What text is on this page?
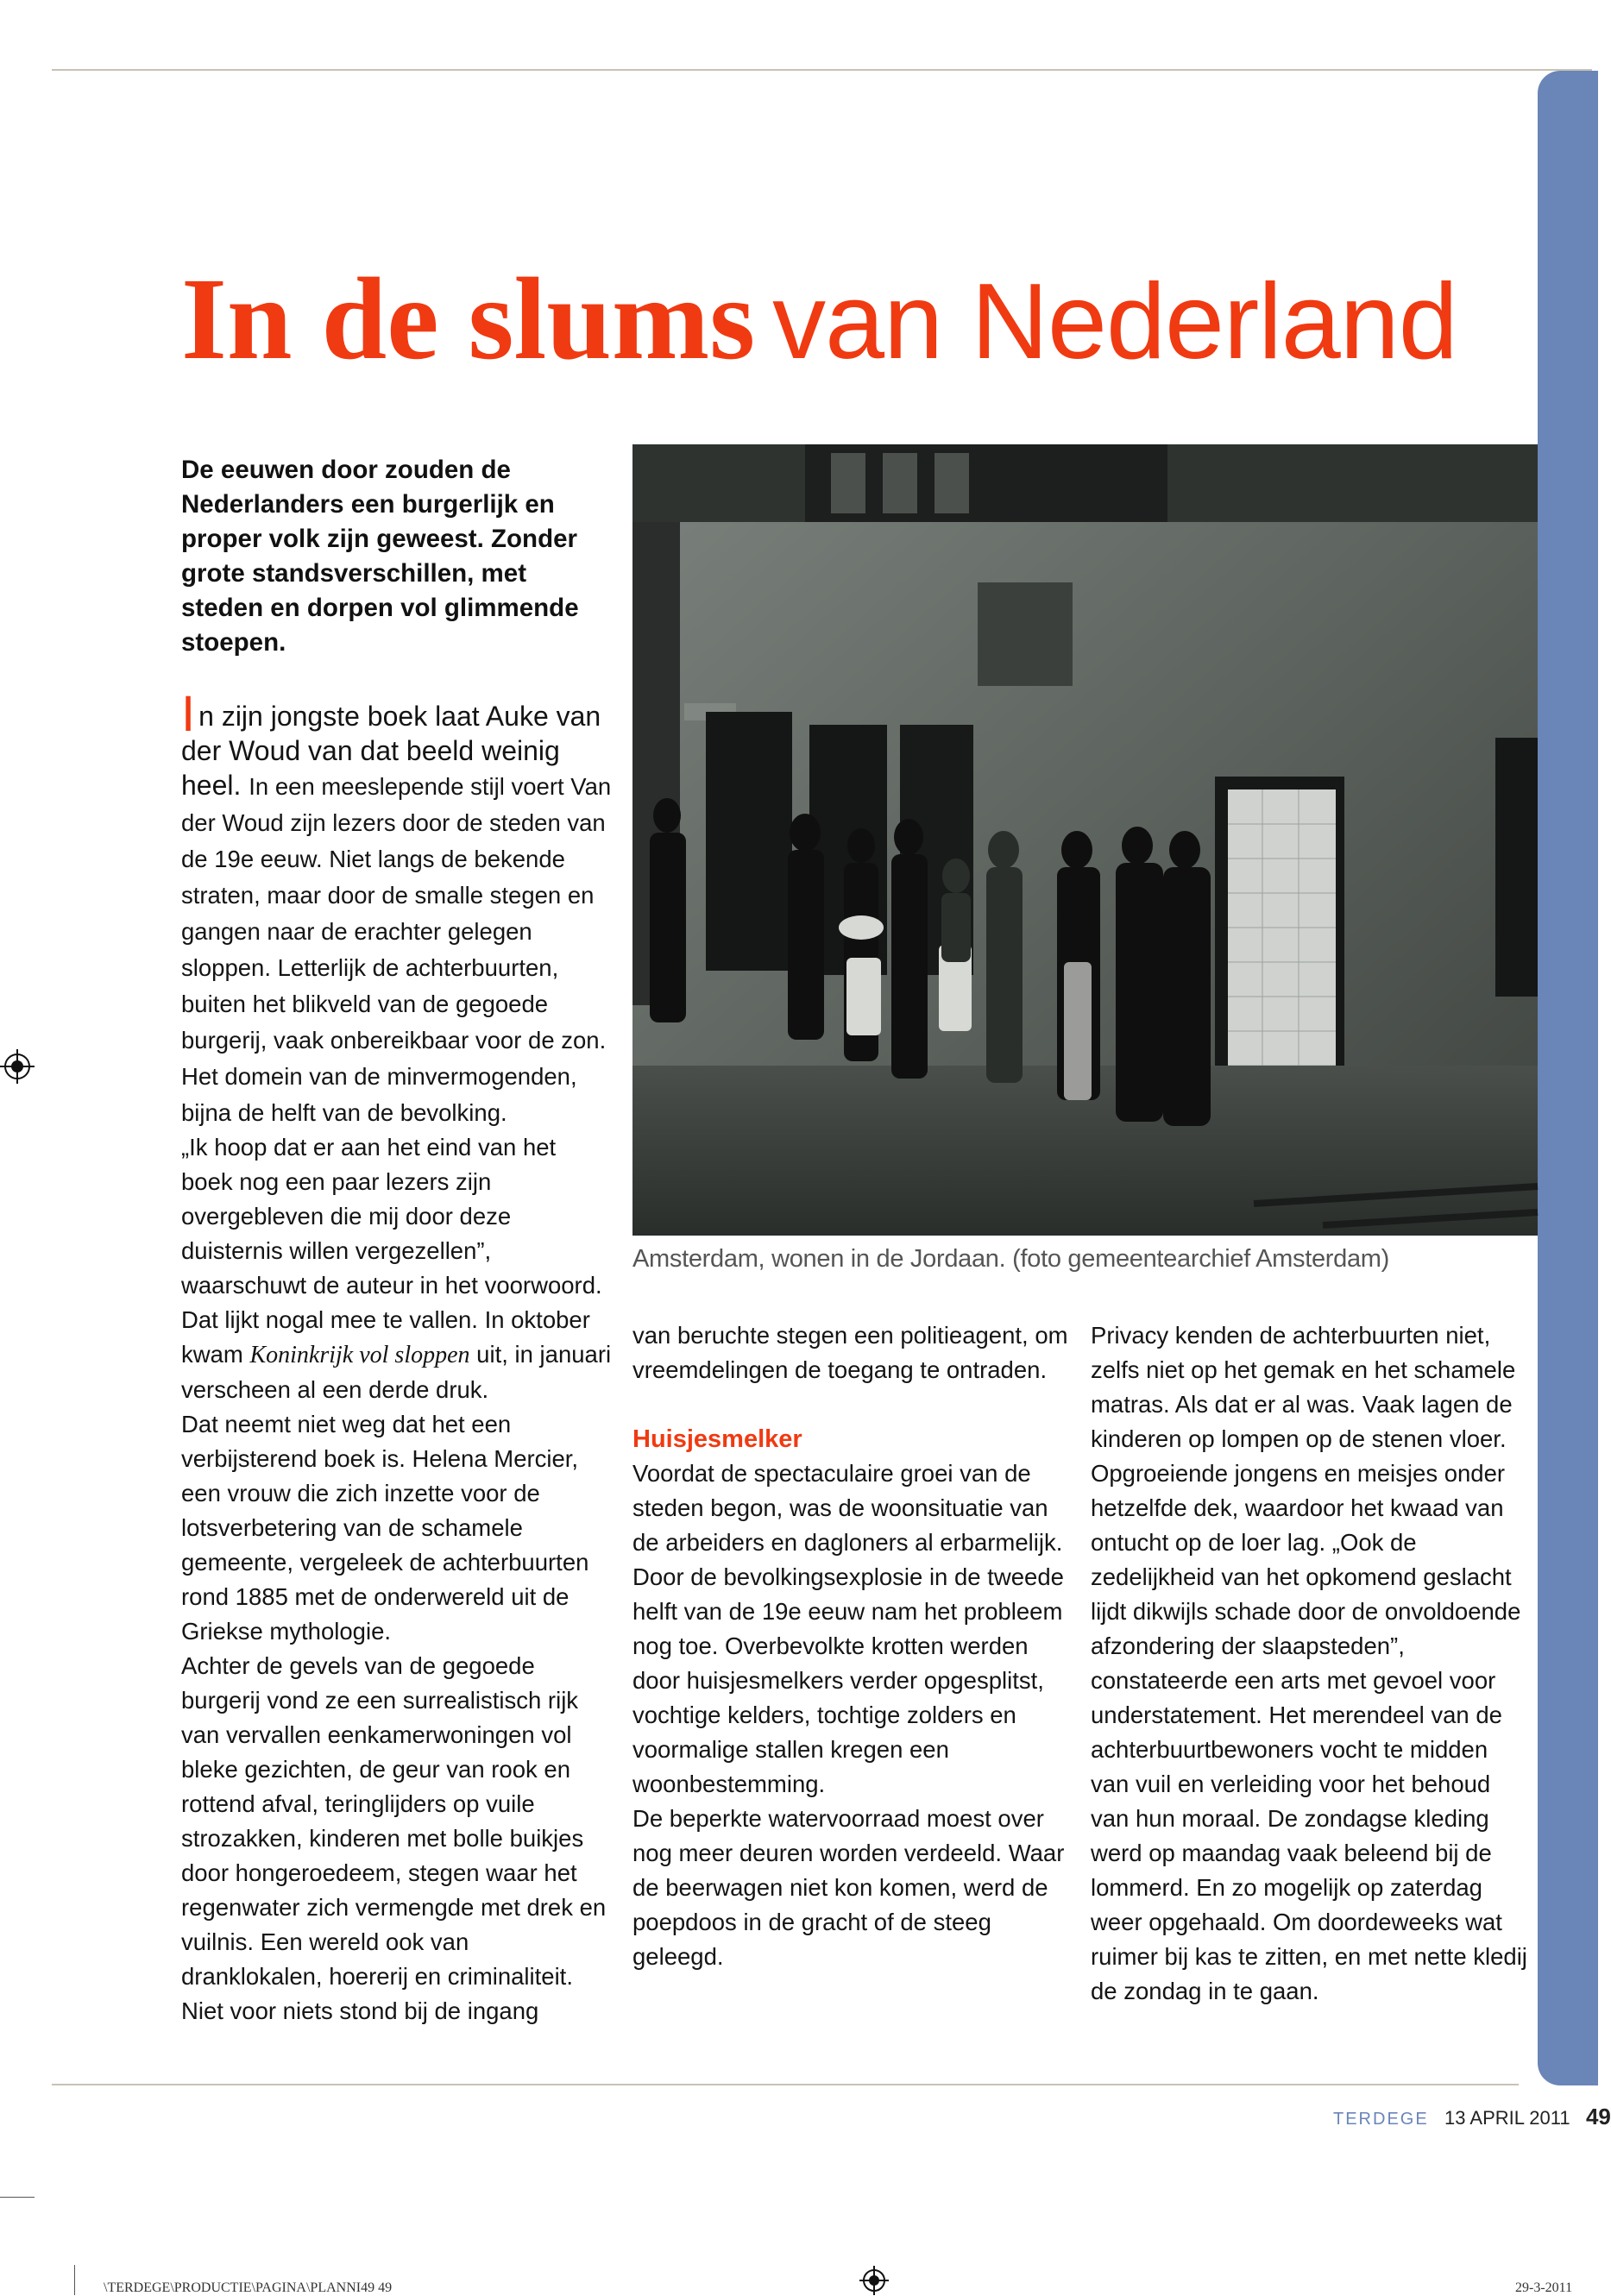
In de slums van Nederland
De eeuwen door zouden de Nederlanders een burgerlijk en proper volk zijn geweest. Zonder grote standsverschillen, met steden en dorpen vol glimmende stoepen.

In zijn jongste boek laat Auke van der Woud van dat beeld weinig heel. In een meeslepende stijl voert Van der Woud zijn lezers door de steden van de 19e eeuw. Niet langs de bekende straten, maar door de smalle stegen en gangen naar de erachter gelegen sloppen. Letterlijk de achterbuurten, buiten het blikveld van de gegoede burgerij, vaak onbereikbaar voor de zon. Het domein van de minvermogenden, bijna de helft van de bevolking.

„Ik hoop dat er aan het eind van het boek nog een paar lezers zijn overgebleven die mij door deze duisternis willen vergezellen”, waarschuwt de auteur in het voorwoord. Dat lijkt nogal mee te vallen. In oktober kwam Koninkrijk vol sloppen uit, in januari verscheen al een derde druk.

Dat neemt niet weg dat het een verbijsterend boek is. Helena Mercier, een vrouw die zich inzette voor de lotsverbetering van de schamele gemeente, vergeleek de achterbuurten rond 1885 met de onderwereld uit de Griekse mythologie.

Achter de gevels van de gegoede burgerij vond ze een surrealistisch rijk van vervallen eenkamerwoningen vol bleke gezichten, de geur van rook en rottend afval, teringlijders op vuile strozakken, kinderen met bolle buikjes door hongeroedeem, stegen waar het regenwater zich vermengde met drek en vuilnis. Een wereld ook van dranklokalen, hoererij en criminaliteit. Niet voor niets stond bij de ingang

Amsterdam, wonen in de Jordaan. (foto gemeentearchief Amsterdam)

van beruchte stegen een politieagent, om vreemdelingen de toegang te ontraden.

Huisjesmelker

Voordat de spectaculaire groei van de steden begon, was de woonsituatie van de arbeiders en dagloners al erbarmelijk. Door de bevolkingsexplosie in de tweede helft van de 19e eeuw nam het probleem nog toe. Overbevolkte krotten werden door huisjesmelkers verder opgesplitst, vochtige kelders, tochtige zolders en voormalige stallen kregen een woonbestemming.

De beperkte watervoorraad moest over nog meer deuren worden verdeeld. Waar de beerwagen niet kon komen, werd de poepdoos in de gracht of de steeg geleegd.

Privacy kenden de achterbuurten niet, zelfs niet op het gemak en het schamele matras. Als dat er al was. Vaak lagen de kinderen op lompen op de stenen vloer. Opgroeiende jongens en meisjes onder hetzelfde dek, waardoor het kwaad van ontucht op de loer lag. „Ook de zedelijkheid van het opkomend geslacht lijdt dikwijls schade door de onvoldoende afzondering der slaapsteden”, constateerde een arts met gevoel voor understatement. Het merendeel van de achterbuurtbewoners vocht te midden van vuil en verleiding voor het behoud van hun moraal. De zondagse kleding werd op maandag vaak beleend bij de lommerd. En zo mogelijk op zaterdag weer opgehaald. Om doordeweeks wat ruimer bij kas te zitten, en met nette kledij de zondag in te gaan.

TERDEGE 13 APRIL 2011 49
\TERDEGE\PRODUCTIE\PAGINA\PLANNI49 49	29-3-2011
